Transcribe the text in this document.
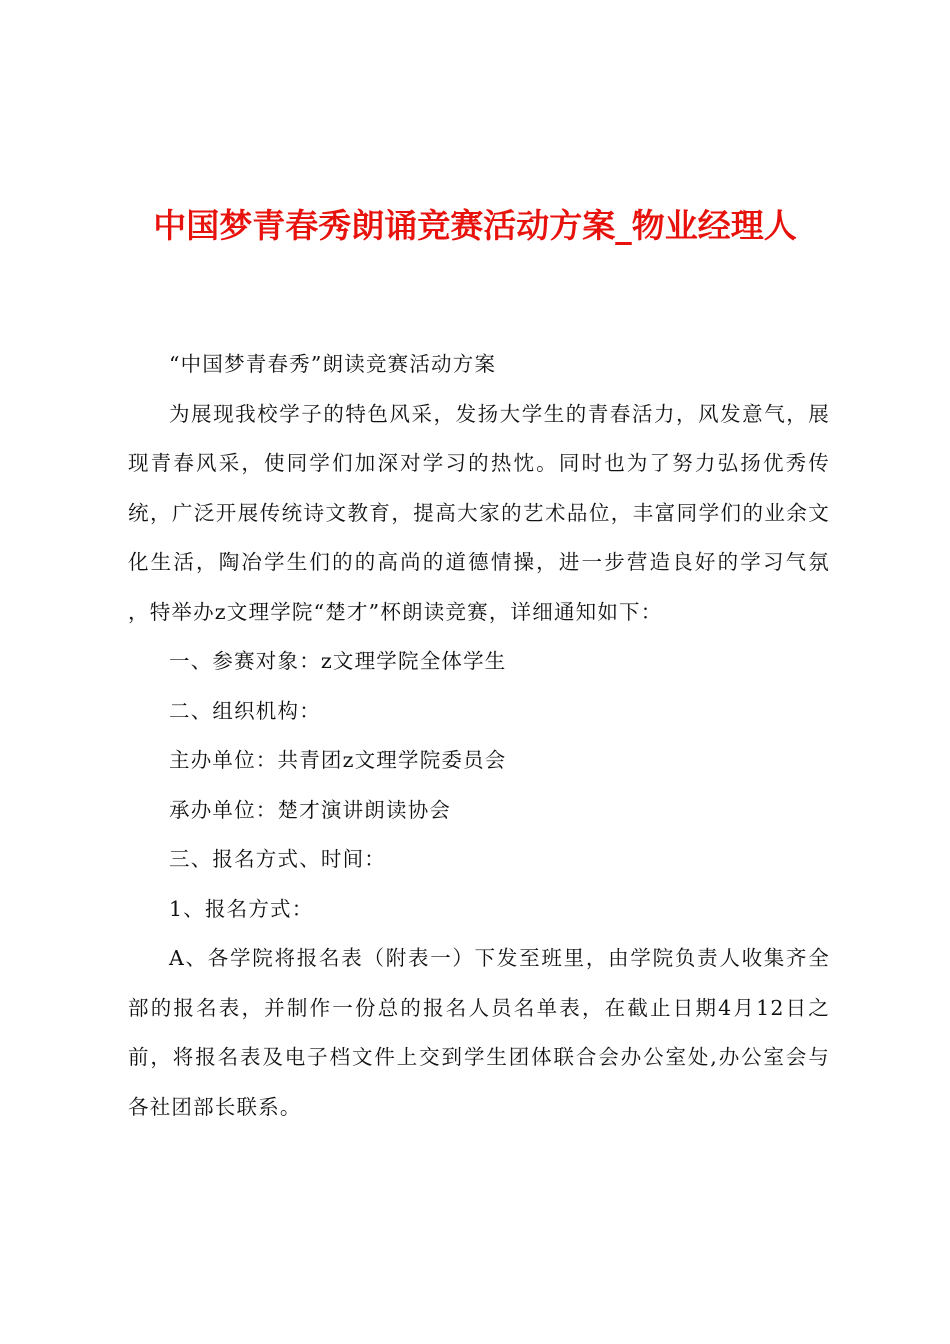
中国梦青春秀朗诵竞赛活动方案_物业经理人

“中国梦青春秀”朗读竞赛活动方案

为展现我校学子的特色风采，发扬大学生的青春活力，风发意气，展现青春风采，使同学们加深对学习的热忱。同时也为了努力弘扬优秀传统，广泛开展传统诗文教育，提高大家的艺术品位，丰富同学们的业余文化生活，陶冶学生们的的高尚的道德情操，进一步营造良好的学习气氛 ，特举办z文理学院“楚才”杯朗读竞赛，详细通知如下：

一、参赛对象：z文理学院全体学生

二、组织机构：

主办单位：共青团z文理学院委员会

承办单位：楚才演讲朗读协会

三、报名方式、时间：

1、报名方式：

A、各学院将报名表（附表一）下发至班里，由学院负责人收集齐全部的报名表，并制作一份总的报名人员名单表，在截止日期4月12日之前，将报名表及电子档文件上交到学生团体联合会办公室处,办公室会与各社团部长联系。
